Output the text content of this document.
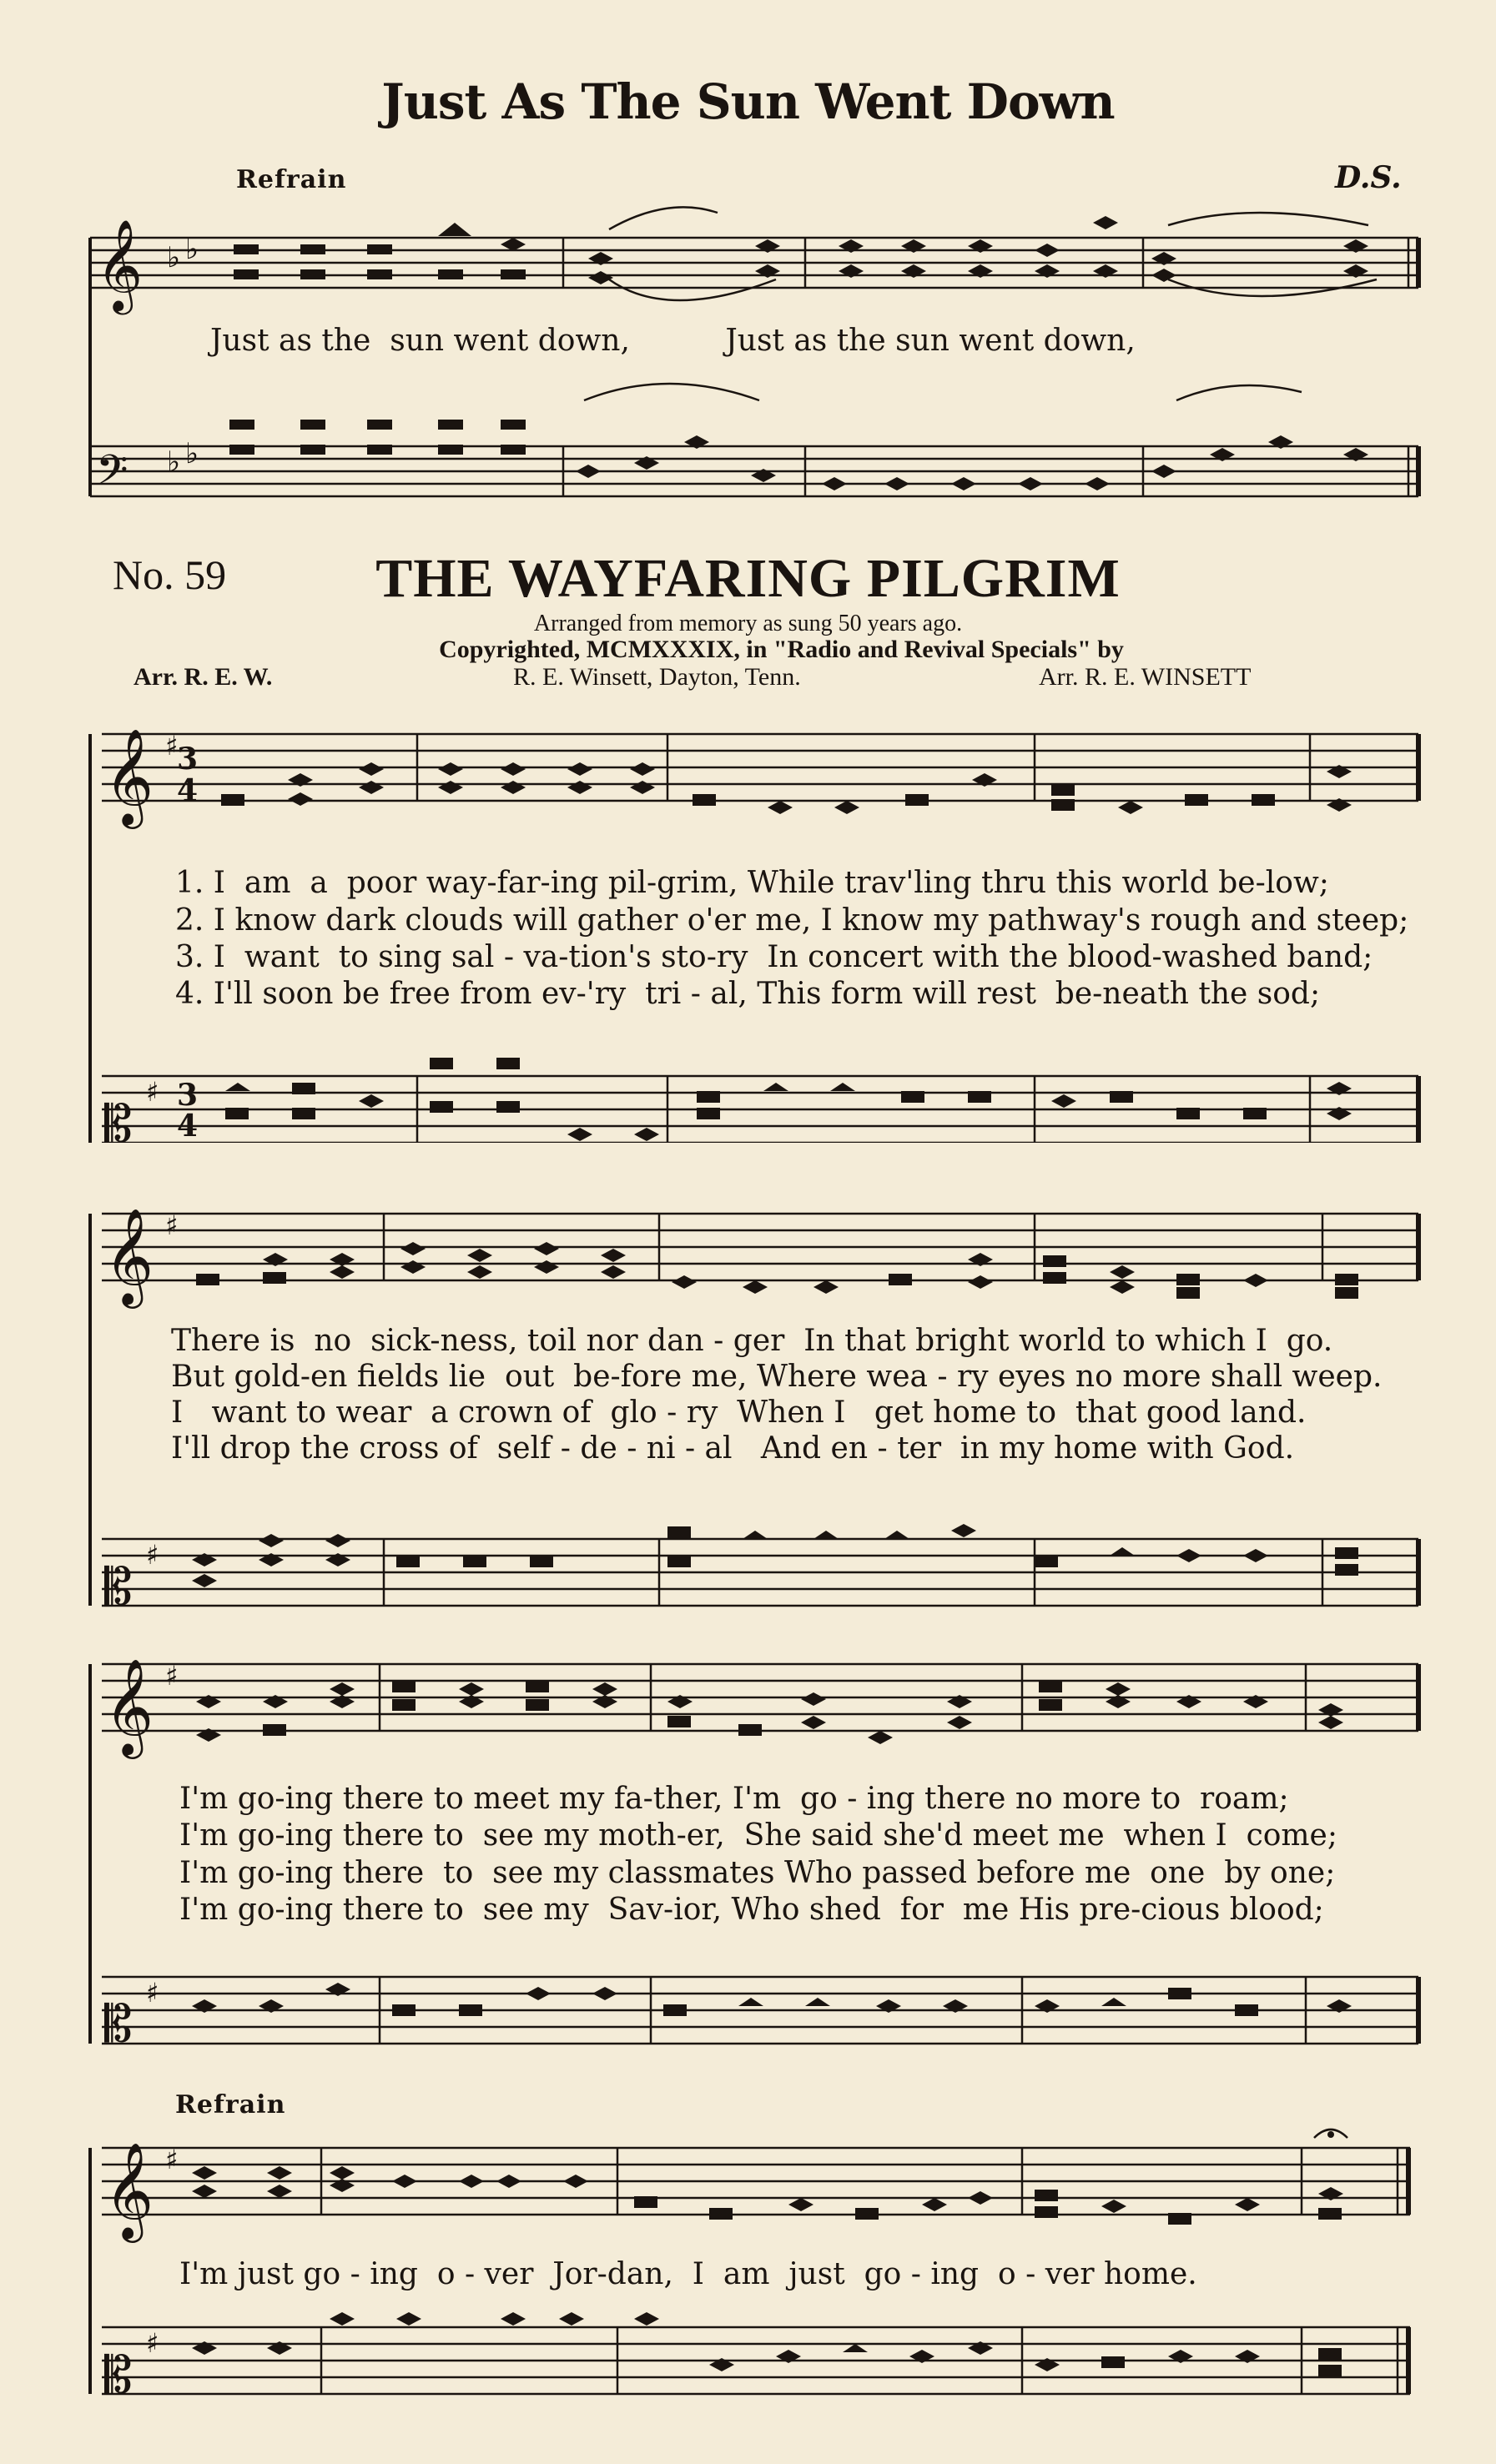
Just As The Sun Went Down
Refrain	D.S.
𝄞 ♭ ♭
𝄢 ♭ ♭
Just as the  sun went down,          Just as the sun went down,
No. 59	THE WAYFARING PILGRIM
Arranged from memory as sung 50 years ago.
Copyrighted, MCMXXXIX, in "Radio and Revival Specials" by
Arr. R. E. W.	R. E. Winsett, Dayton, Tenn.	Arr. R. E. WINSETT
𝄞 ♯
3
4
𝄡
♯ 3
4
1. I  am  a  poor way-far-ing pil-grim, While trav'ling thru this world be-low;
2. I know dark clouds will gather o'er me, I know my pathway's rough and steep;
3. I  want  to sing sal - va-tion's sto-ry  In concert with the blood-washed band;
4. I'll soon be free from ev-'ry  tri - al, This form will rest  be-neath the sod;
𝄞 ♯
𝄡
♯
There is  no  sick-ness, toil nor dan - ger  In that bright world to which I  go.
But gold-en fields lie  out  be-fore me, Where wea - ry eyes no more shall weep.
I   want to wear  a crown of  glo - ry  When I   get home to  that good land.
I'll drop the cross of  self - de - ni - al   And en - ter  in my home with God.
𝄞 ♯
𝄡
♯
I'm go-ing there to meet my fa-ther, I'm  go - ing there no more to  roam;
I'm go-ing there to  see my moth-er,  She said she'd meet me  when I  come;
I'm go-ing there  to  see my classmates Who passed before me  one  by one;
I'm go-ing there to  see my  Sav-ior, Who shed  for  me His pre-cious blood;
Refrain
𝄞 ♯
𝄡
♯
I'm just go - ing  o - ver  Jor-dan,  I  am  just  go - ing  o - ver home.
